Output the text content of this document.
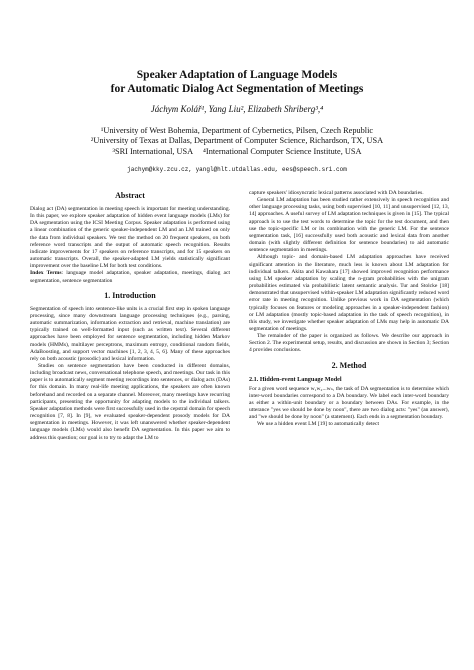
Speaker Adaptation of Language Models
for Automatic Dialog Act Segmentation of Meetings
Jáchym Kolář¹, Yang Liu², Elizabeth Shriberg³,⁴
¹University of West Bohemia, Department of Cybernetics, Pilsen, Czech Republic
²University of Texas at Dallas, Department of Computer Science, Richardson, TX, USA
³SRI International, USA     ⁴International Computer Science Institute, USA
jachym@kky.zcu.cz, yangl@hlt.utdallas.edu, ees@speech.sri.com
Abstract

Dialog act (DA) segmentation in meeting speech is important for meeting understanding. In this paper, we explore speaker adaptation of hidden event language models (LMs) for DA segmentation using the ICSI Meeting Corpus. Speaker adaptation is performed using a linear combination of the generic speaker-independent LM and an LM trained on only the data from individual speakers. We test the method on 20 frequent speakers, on both reference word transcripts and the output of automatic speech recognition. Results indicate improvements for 17 speakers on reference transcripts, and for 15 speakers on automatic transcripts. Overall, the speaker-adapted LM yields statistically significant improvement over the baseline LM for both test conditions.

Index Terms: language model adaptation, speaker adaptation, meetings, dialog act segmentation, sentence segmentation

1. Introduction

Segmentation of speech into sentence-like units is a crucial first step in spoken language processing, since many downstream language processing techniques (e.g., parsing, automatic summarization, information extraction and retrieval, machine translation) are typically trained on well-formatted input (such as written text). Several different approaches have been employed for sentence segmentation, including hidden Markov models (HMMs), multilayer perceptrons, maximum entropy, conditional random fields, AdaBoosting, and support vector machines [1, 2, 3, 4, 5, 6]. Many of these approaches rely on both acoustic (prosodic) and lexical information.

Studies on sentence segmentation have been conducted in different domains, including broadcast news, conversational telephone speech, and meetings. Our task in this paper is to automatically segment meeting recordings into sentences, or dialog acts (DAs) for this domain. In many real-life meeting applications, the speakers are often known beforehand and recorded on a separate channel. Moreover, many meetings have recurring participants, presenting the opportunity for adapting models to the individual talkers. Speaker adaptation methods were first successfully used in the cepstral domain for speech recognition [7, 8]. In [9], we evaluated speaker-dependent prosody models for DA segmentation in meetings. However, it was left unanswered whether speaker-dependent language models (LMs) would also benefit DA segmentation. In this paper we aim to address this question; our goal is to try to adapt the LM to

capture speakers' idiosyncratic lexical patterns associated with DA boundaries.

General LM adaptation has been studied rather extensively in speech recognition and other language processing tasks, using both supervised [10, 11] and unsupervised [12, 13, 14] approaches. A useful survey of LM adaptation techniques is given in [15]. The typical approach is to use the test words to determine the topic for the test document, and then use the topic-specific LM or its combination with the generic LM. For the sentence segmentation task, [16] successfully used both acoustic and lexical data from another domain (with slightly different definition for sentence boundaries) to aid automatic sentence segmentation in meetings.

Although topic- and domain-based LM adaptation approaches have received significant attention in the literature, much less is known about LM adaptation for individual talkers. Akita and Kawahara [17] showed improved recognition performance using LM speaker adaptation by scaling the n-gram probabilities with the unigram probabilities estimated via probabilistic latent semantic analysis. Tur and Stolcke [18] demonstrated that unsupervised within-speaker LM adaptation significantly reduced word error rate in meeting recognition. Unlike previous work in DA segmentation (which typically focuses on features or modeling approaches in a speaker-independent fashion) or LM adaptation (mostly topic-based adaptation in the task of speech recognition), in this study, we investigate whether speaker adaptation of LMs may help in automatic DA segmentation of meetings.

The remainder of the paper is organized as follows. We describe our approach in Section 2. The experimental setup, results, and discussion are shown in Section 3; Section 4 provides conclusions.

2. Method
2.1. Hidden-event Language Model

For a given word sequence w₁w₂...wₙ, the task of DA segmentation is to determine which inter-word boundaries correspond to a DA boundary. We label each inter-word boundary as either a within-unit boundary or a boundary between DAs. For example, in the utterance "yes we should be done by noon", there are two dialog acts: "yes" (an answer), and "we should be done by noon" (a statement). Each ends in a segmentation boundary.

We use a hidden event LM [19] to automatically detect
